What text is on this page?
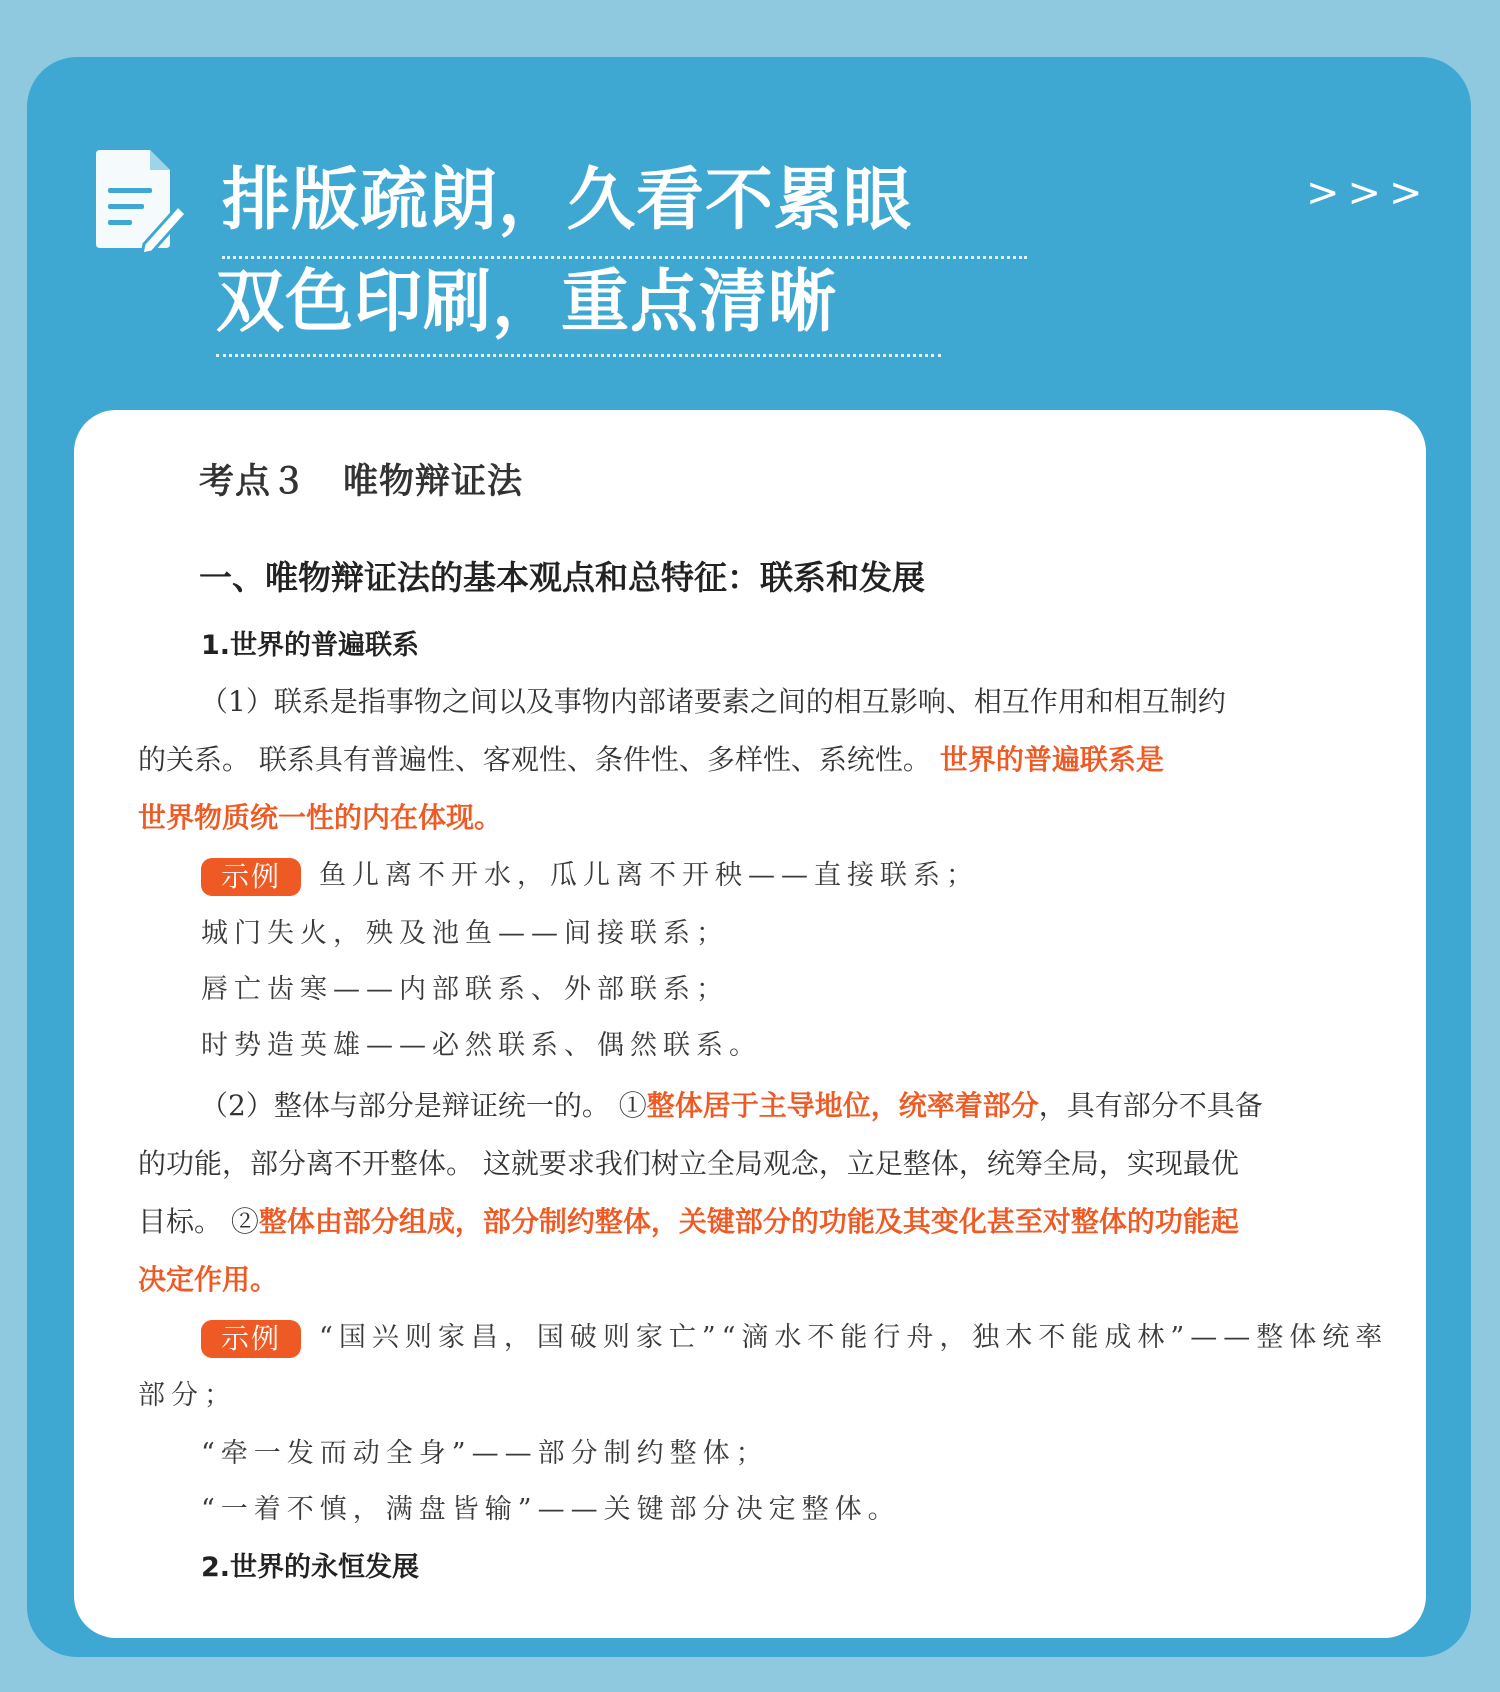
排版疏朗，久看不累眼
双色印刷，重点清晰
>>>
考点３　唯物辩证法
一、唯物辩证法的基本观点和总特征：联系和发展
1.世界的普遍联系
（1）联系是指事物之间以及事物内部诸要素之间的相互影响、相互作用和相互制约
的关系。 联系具有普遍性、客观性、条件性、多样性、系统性。 世界的普遍联系是
世界物质统一性的内在体现。
示例 鱼儿离不开水，瓜儿离不开秧——直接联系；
城门失火，殃及池鱼——间接联系；
唇亡齿寒——内部联系、外部联系；
时势造英雄——必然联系、偶然联系。
（2）整体与部分是辩证统一的。 ①整体居于主导地位，统率着部分，具有部分不具备
的功能，部分离不开整体。 这就要求我们树立全局观念，立足整体，统筹全局，实现最优
目标。 ②整体由部分组成，部分制约整体，关键部分的功能及其变化甚至对整体的功能起
决定作用。
示例 “国兴则家昌，国破则家亡”“滴水不能行舟，独木不能成林”——整体统率
部分；
“牵一发而动全身”——部分制约整体；
“一着不慎，满盘皆输”——关键部分决定整体。
2.世界的永恒发展
